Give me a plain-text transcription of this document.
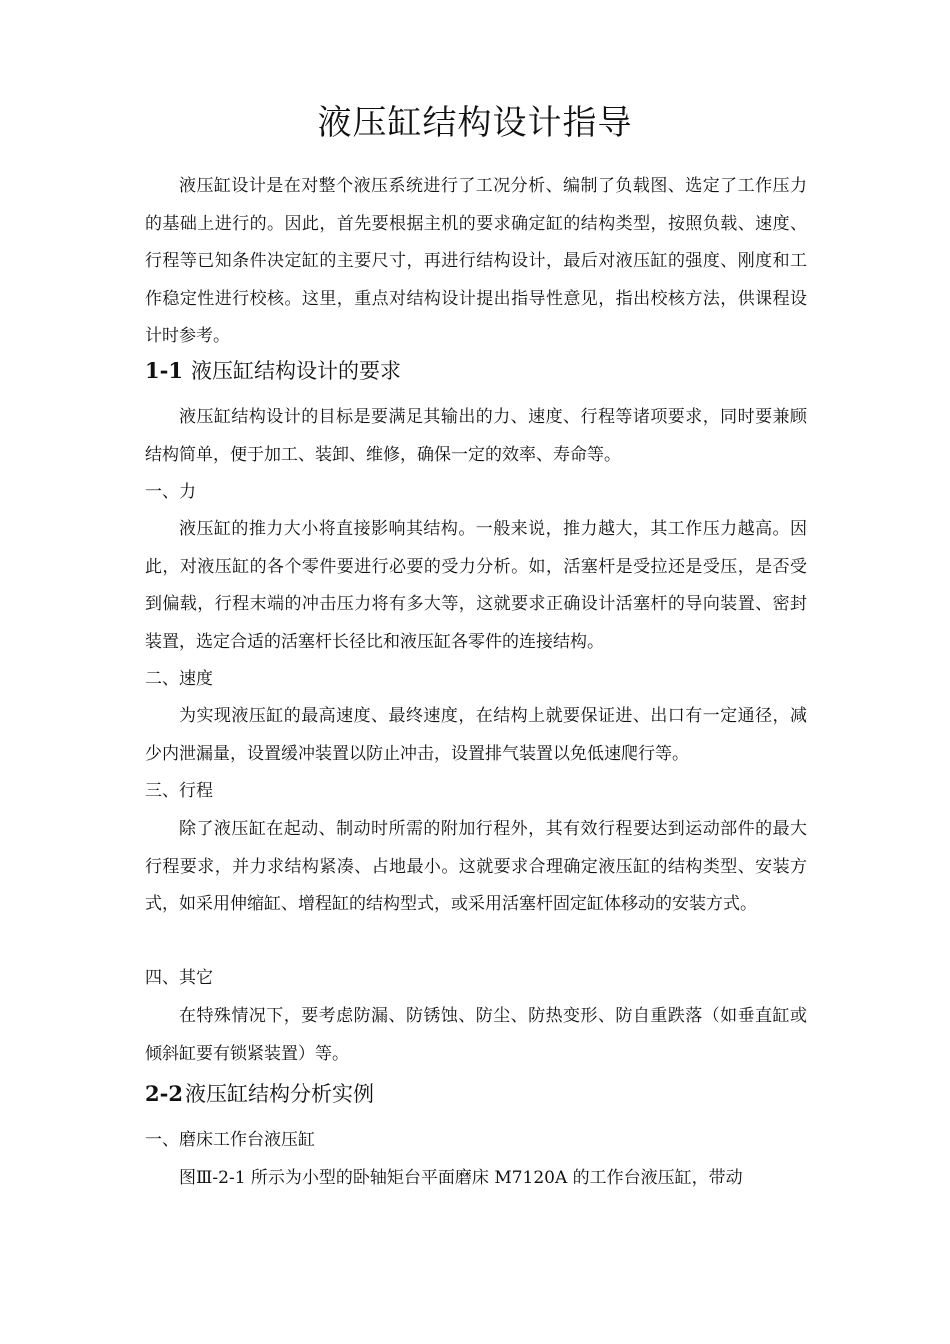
液压缸结构设计指导

液压缸设计是在对整个液压系统进行了工况分析、编制了负载图、选定了工作压力的基础上进行的。因此，首先要根据主机的要求确定缸的结构类型，按照负载、速度、行程等已知条件决定缸的主要尺寸，再进行结构设计，最后对液压缸的强度、刚度和工作稳定性进行校核。这里，重点对结构设计提出指导性意见，指出校核方法，供课程设计时参考。

1-1 液压缸结构设计的要求

液压缸结构设计的目标是要满足其输出的力、速度、行程等诸项要求，同时要兼顾结构简单，便于加工、装卸、维修，确保一定的效率、寿命等。

一、力

液压缸的推力大小将直接影响其结构。一般来说，推力越大，其工作压力越高。因此，对液压缸的各个零件要进行必要的受力分析。如，活塞杆是受拉还是受压，是否受到偏载，行程末端的冲击压力将有多大等，这就要求正确设计活塞杆的导向装置、密封装置，选定合适的活塞杆长径比和液压缸各零件的连接结构。

二、速度

为实现液压缸的最高速度、最终速度，在结构上就要保证进、出口有一定通径，减少内泄漏量，设置缓冲装置以防止冲击，设置排气装置以免低速爬行等。

三、行程

除了液压缸在起动、制动时所需的附加行程外，其有效行程要达到运动部件的最大行程要求，并力求结构紧凑、占地最小。这就要求合理确定液压缸的结构类型、安装方式，如采用伸缩缸、增程缸的结构型式，或采用活塞杆固定缸体移动的安装方式。

四、其它

在特殊情况下，要考虑防漏、防锈蚀、防尘、防热变形、防自重跌落（如垂直缸或倾斜缸要有锁紧装置）等。

2-2液压缸结构分析实例

一、磨床工作台液压缸

图Ⅲ-2-1 所示为小型的卧轴矩台平面磨床 M7120A 的工作台液压缸，带动
